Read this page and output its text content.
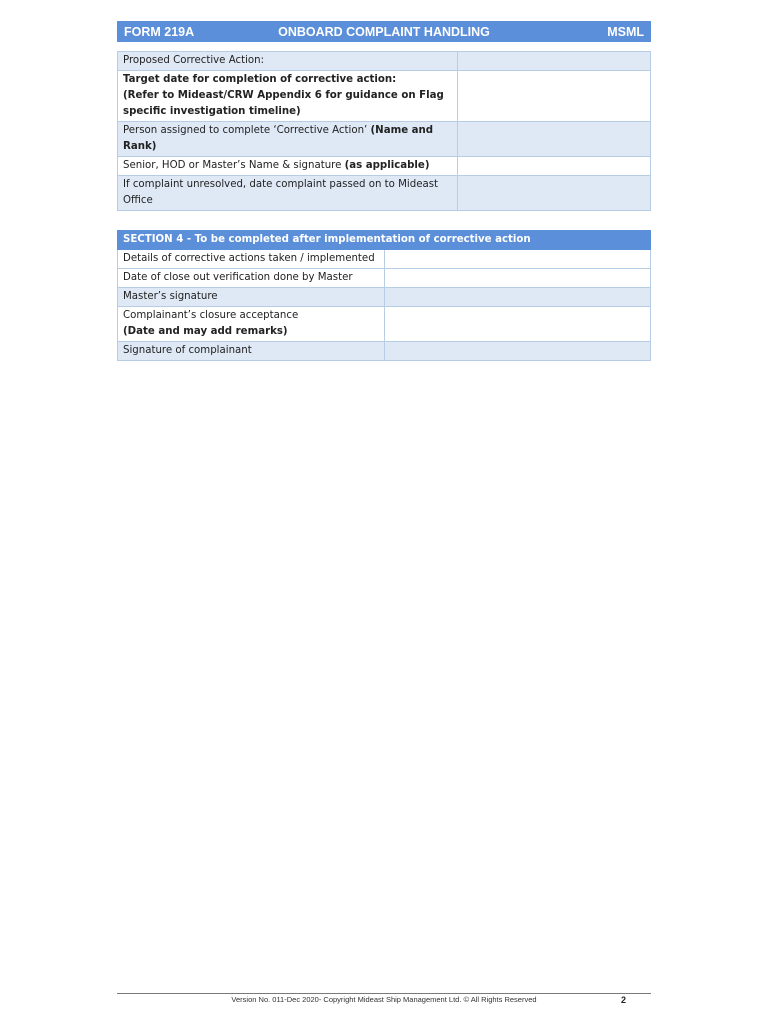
FORM 219A	ONBOARD COMPLAINT HANDLING	MSML
Proposed Corrective Action:	
Target date for completion of corrective action:
(Refer to Mideast/CRW Appendix 6 for guidance on Flag specific investigation timeline)	
Person assigned to complete ‘Corrective Action’ (Name and Rank)	
Senior, HOD or Master’s Name & signature (as applicable)	
If complaint unresolved, date complaint passed on to Mideast Office	
SECTION 4 - To be completed after implementation of corrective action	
Details of corrective actions taken / implemented	
Date of close out verification done by Master	
Master’s signature	
Complainant’s closure acceptance
(Date and may add remarks)	
Signature of complainant	
Version No. 011-Dec 2020- Copyright Mideast Ship Management Ltd. © All Rights Reserved	2
